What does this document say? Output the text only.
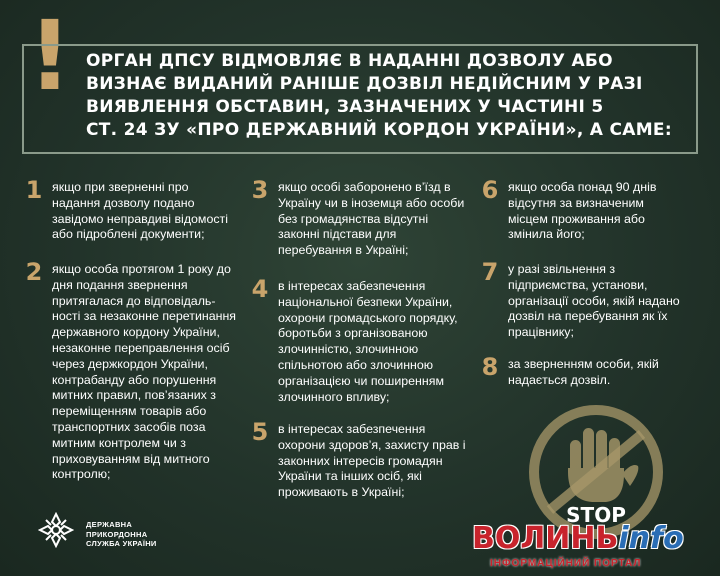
! ОРГАН ДПСУ ВІДМОВЛЯЄ В НАДАННІ ДОЗВОЛУ АБО
ВИЗНАЄ ВИДАНИЙ РАНІШЕ ДОЗВІЛ НЕДІЙСНИМ У РАЗІ
ВИЯВЛЕННЯ ОБСТАВИН, ЗАЗНАЧЕНИХ У ЧАСТИНІ 5
СТ. 24 ЗУ «ПРО ДЕРЖАВНИЙ КОРДОН УКРАЇНИ», А САМЕ:
1 якщо при зверненні про
надання дозволу подано
завідомо неправдиві відомості
або підроблені документи;
2 якщо особа протягом 1 року до
дня подання звернення
притягалася до відповідаль-
ності за незаконне перетинання
державного кордону України,
незаконне переправлення осіб
через держкордон України,
контрабанду або порушення
митних правил, пов’язаних з
переміщенням товарів або
транспортних засобів поза
митним контролем чи з
приховуванням від митного
контролю;
3 якщо особі заборонено в’їзд в
Україну чи в іноземця або особи
без громадянства відсутні
законні підстави для
перебування в Україні;
4 в інтересах забезпечення
національної безпеки України,
охорони громадського порядку,
боротьби з організованою
злочинністю, злочинною
спільнотою або злочинною
організацією чи поширенням
злочинного впливу;
5 в інтересах забезпечення
охорони здоров’я, захисту прав і
законних інтересів громадян
України та інших осіб, які
проживають в Україні;
6 якщо особа понад 90 днів
відсутня за визначеним
місцем проживання або
змінила його;
7 у разі звільнення з
підприємства, установи,
організації особи, якій надано
дозвіл на перебування як їх
працівнику;
8 за зверненням особи, якій
надається дозвіл.
STOP
ДЕРЖАВНА
ПРИКОРДОННА
СЛУЖБА УКРАЇНИ	ВОЛИНЬinfo
ІНФОРМАЦІЙНИЙ ПОРТАЛ
